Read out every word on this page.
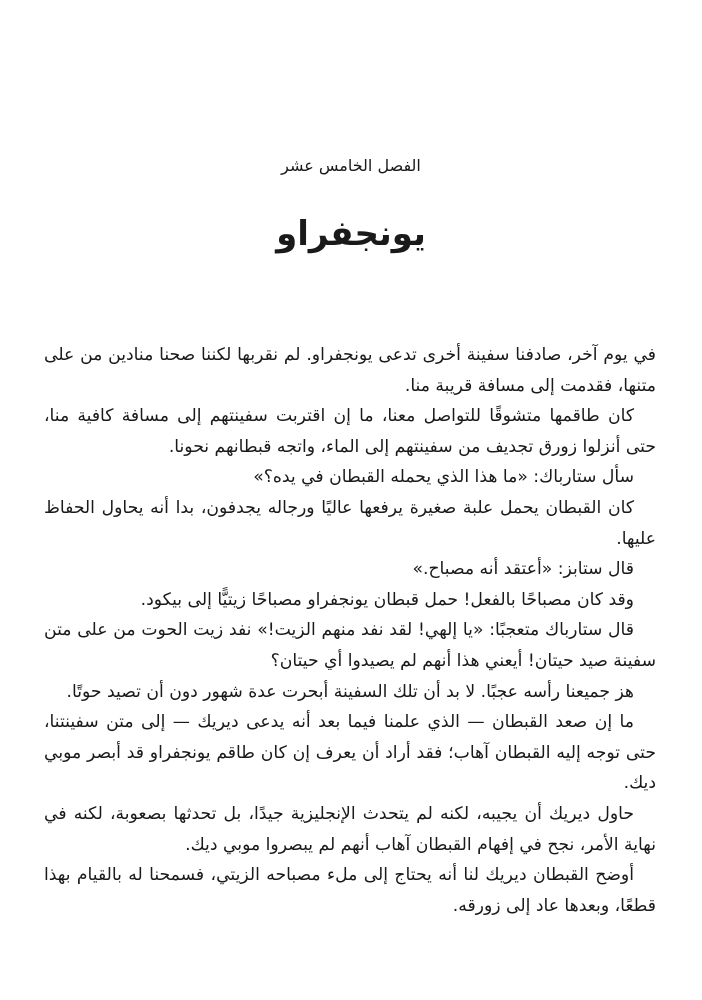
الفصل الخامس عشر
يونجفراو

في يوم آخر، صادفنا سفينة أخرى تدعى يونجفراو. لم نقربها لكننا صحنا منادين من على متنها، فقدمت إلى مسافة قريبة منا.

كان طاقمها متشوقًا للتواصل معنا، ما إن اقتربت سفينتهم إلى مسافة كافية منا، حتى أنزلوا زورق تجديف من سفينتهم إلى الماء، واتجه قبطانهم نحونا.

سأل ستارباك: «ما هذا الذي يحمله القبطان في يده؟»

كان القبطان يحمل علبة صغيرة يرفعها عاليًا ورجاله يجدفون، بدا أنه يحاول الحفاظ عليها.

قال ستابز: «أعتقد أنه مصباح.»

وقد كان مصباحًا بالفعل! حمل قبطان يونجفراو مصباحًا زيتيًّا إلى بيكود.

قال ستارباك متعجبًا: «يا إلهي! لقد نفد منهم الزيت!» نفد زيت الحوت من على متن سفينة صيد حيتان! أيعني هذا أنهم لم يصيدوا أي حيتان؟

هز جميعنا رأسه عجبًا. لا بد أن تلك السفينة أبحرت عدة شهور دون أن تصيد حوتًا.

ما إن صعد القبطان — الذي علمنا فيما بعد أنه يدعى ديريك — إلى متن سفينتنا، حتى توجه إليه القبطان آهاب؛ فقد أراد أن يعرف إن كان طاقم يونجفراو قد أبصر موبي ديك.

حاول ديريك أن يجيبه، لكنه لم يتحدث الإنجليزية جيدًا، بل تحدثها بصعوبة، لكنه في نهاية الأمر، نجح في إفهام القبطان آهاب أنهم لم يبصروا موبي ديك.

أوضح القبطان ديريك لنا أنه يحتاج إلى ملء مصباحه الزيتي، فسمحنا له بالقيام بهذا قطعًا، وبعدها عاد إلى زورقه.
